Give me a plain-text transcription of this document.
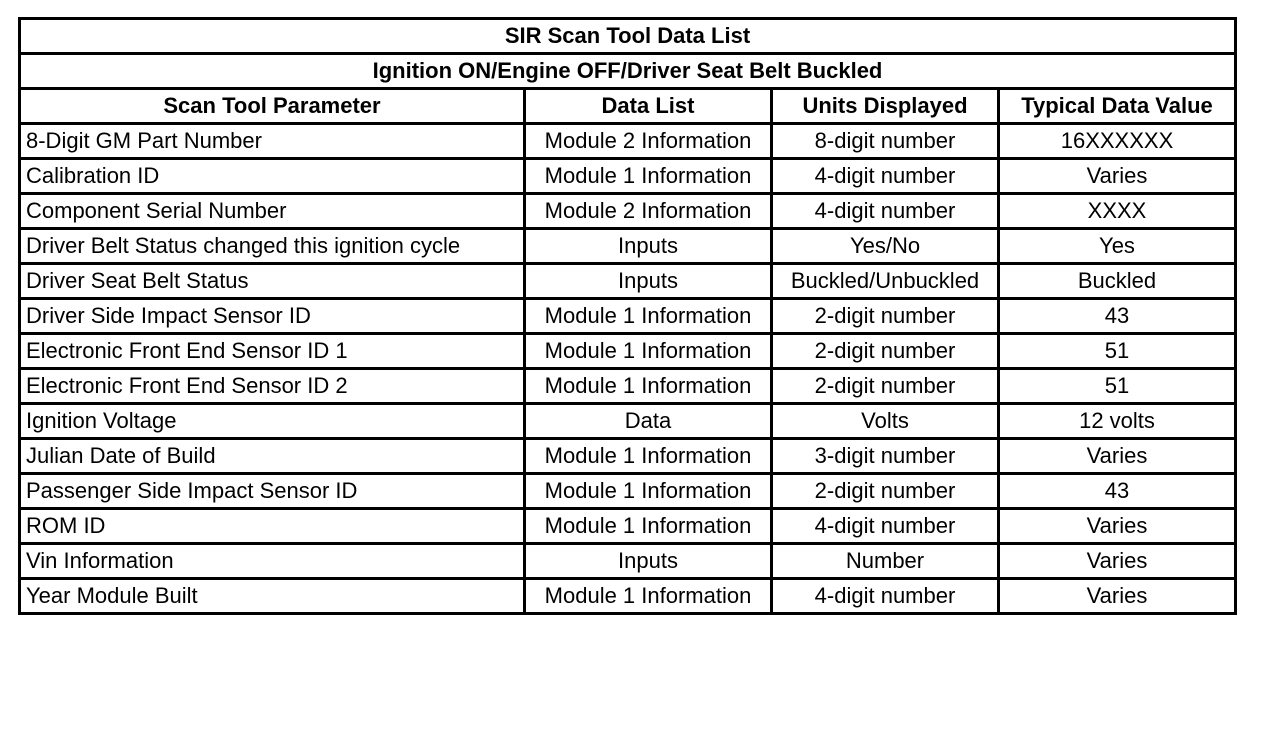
SIR Scan Tool Data List			
Ignition ON/Engine OFF/Driver Seat Belt Buckled			
Scan Tool Parameter	Data List	Units Displayed	Typical Data Value
8-Digit GM Part Number	Module 2 Information	8-digit number	16XXXXXX
Calibration ID	Module 1 Information	4-digit number	Varies
Component Serial Number	Module 2 Information	4-digit number	XXXX
Driver Belt Status changed this ignition cycle	Inputs	Yes/No	Yes
Driver Seat Belt Status	Inputs	Buckled/Unbuckled	Buckled
Driver Side Impact Sensor ID	Module 1 Information	2-digit number	43
Electronic Front End Sensor ID 1	Module 1 Information	2-digit number	51
Electronic Front End Sensor ID 2	Module 1 Information	2-digit number	51
Ignition Voltage	Data	Volts	12 volts
Julian Date of Build	Module 1 Information	3-digit number	Varies
Passenger Side Impact Sensor ID	Module 1 Information	2-digit number	43
ROM ID	Module 1 Information	4-digit number	Varies
Vin Information	Inputs	Number	Varies
Year Module Built	Module 1 Information	4-digit number	Varies
